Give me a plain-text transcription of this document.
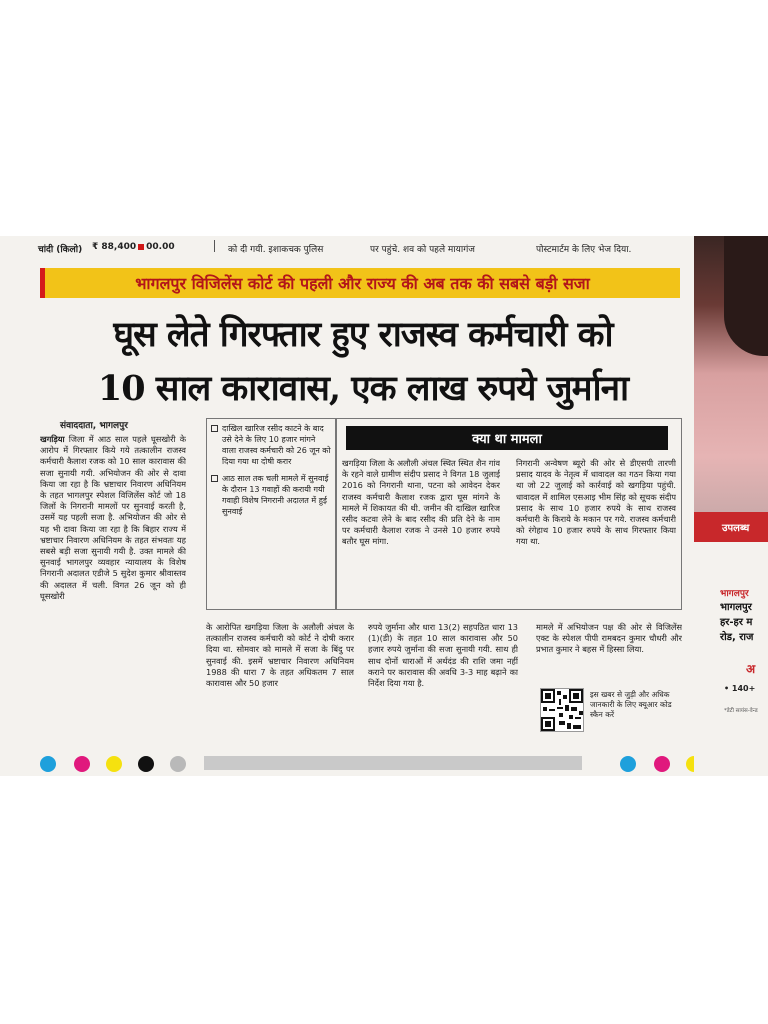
चांदी (किलो) ₹ 88,400 00.00	को दी गयी. इशाकचक पुलिस	पर पहुंचे. शव को पहले मायागंज	पोस्टमार्टम के लिए भेज दिया.
भागलपुर विजिलेंस कोर्ट की पहली और राज्य की अब तक की सबसे बड़ी सजा
घूस लेते गिरफ्तार हुए राजस्व कर्मचारी को
10 साल कारावास, एक लाख रुपये जुर्माना
संवाददाता, भागलपुर
खगड़िया जिला में आठ साल पहले घूसखोरी के आरोप में गिरफ्तार किये गये तत्कालीन राजस्व कर्मचारी कैलाश रजक को 10 साल कारावास की सजा सुनायी गयी. अभियोजन की ओर से दावा किया जा रहा है कि भ्रष्टाचार निवारण अधिनियम के तहत भागलपुर स्पेशल विजिलेंस कोर्ट जो 18 जिलों के निगरानी मामलों पर सुनवाई करती है, उसमें यह पहली सजा है. अभियोजन की ओर से यह भी दावा किया जा रहा है कि बिहार राज्य में भ्रष्टाचार निवारण अधिनियम के तहत संभवतः यह सबसे बड़ी सजा सुनायी गयी है. उक्त मामले की सुनवाई भागलपुर व्यवहार न्यायालय के विशेष निगरानी अदालत एडीजे 5 सुदेश कुमार श्रीवास्तव की अदालत में चली. विगत 26 जून को ही घूसखोरी
दाखिल खारिज रसीद काटने के बाद उसे देने के लिए 10 हजार मांगने वाला राजस्व कर्मचारी को 26 जून को दिया गया था दोषी करार
आठ साल तक चली मामले में सुनवाई के दौरान 13 गवाहों की करायी गयी गवाही विशेष निगरानी अदालत में हुई सुनवाई
क्या था मामला
खगड़िया जिला के अलौली अंचल स्थित स्थित शैन गांव के रहने वाले ग्रामीण संदीप प्रसाद ने विगत 18 जुलाई 2016 को निगरानी थाना, पटना को आवेदन देकर राजस्व कर्मचारी कैलाश रजक द्वारा घूस मांगने के मामले में शिकायत की थी. जमीन की दाखिल खारिज रसीद कटवा लेने के बाद रसीद की प्रति देने के नाम पर कर्मचारी कैलाश रजक ने उनसे 10 हजार रुपये बतौर घूस मांगा.
निगरानी अन्वेषण ब्यूरो की ओर से डीएसपी तारणी प्रसाद यादव के नेतृत्व में धावादल का गठन किया गया था जो 22 जुलाई को कार्रवाई को खगड़िया पहुंची. धावादल में शामिल एसआइ भीम सिंह को सूचक संदीप प्रसाद के साथ 10 हजार रुपये के साथ राजस्व कर्मचारी के किराये के मकान पर गये. राजस्व कर्मचारी को रंगेहाथ 10 हजार रुपये के साथ गिरफ्तार किया गया था.
के आरोपित खगड़िया जिला के अलौली अंचल के तत्कालीन राजस्व कर्मचारी को कोर्ट ने दोषी करार दिया था. सोमवार को मामले में सजा के बिंदु पर सुनवाई की. इसमें भ्रष्टाचार निवारण अधिनियम 1988 की धारा 7 के तहत अधिकतम 7 साल कारावास और 50 हजार
रुपये जुर्माना और धारा 13(2) सहपठित धारा 13 (1)(डी) के तहत 10 साल कारावास और 50 हजार रुपये जुर्माना की सजा सुनायी गयी. साथ ही साथ दोनों धाराओं में अर्थदंड की राशि जमा नहीं कराने पर कारावास की अवधि 3-3 माह बढ़ाने का निर्देश दिया गया है.
मामले में अभियोजन पक्ष की ओर से विजिलेंस एक्ट के स्पेशल पीपी रामबदन कुमार चौधरी और प्रभात कुमार ने बहस में हिस्सा लिया.
इस खबर से जुड़ी और अधिक जानकारी के लिए क्यूआर कोड स्कैन करें
उपलब्ध
भागलपुर
भागलपुर
हर-हर म
रोड, राज
अ
• 140+
*डेटी सायंस-वेन्ड
